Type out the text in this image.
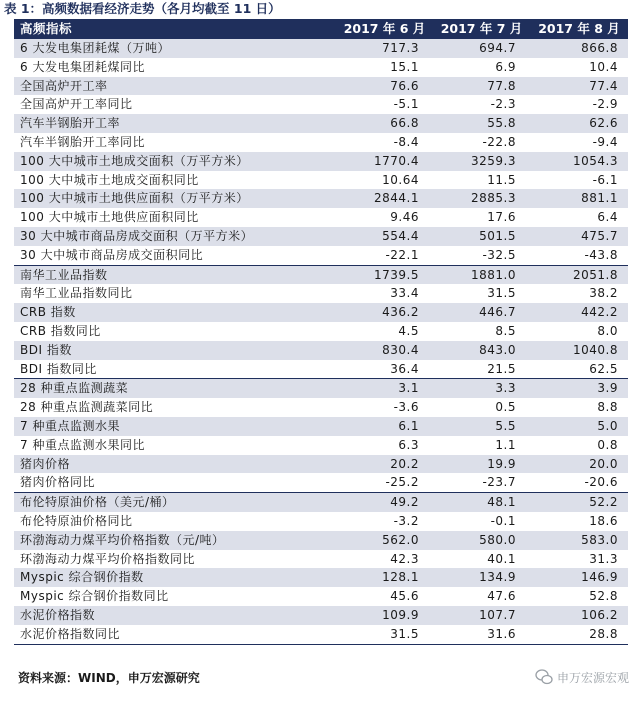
表 1：高频数据看经济走势（各月均截至 11 日）
高频指标	2017 年 6 月	2017 年 7 月	2017 年 8 月
6 大发电集团耗煤（万吨）	717.3	694.7	866.8
6 大发电集团耗煤同比	15.1	6.9	10.4
全国高炉开工率	76.6	77.8	77.4
全国高炉开工率同比	-5.1	-2.3	-2.9
汽车半钢胎开工率	66.8	55.8	62.6
汽车半钢胎开工率同比	-8.4	-22.8	-9.4
100 大中城市土地成交面积（万平方米）	1770.4	3259.3	1054.3
100 大中城市土地成交面积同比	10.64	11.5	-6.1
100 大中城市土地供应面积（万平方米）	2844.1	2885.3	881.1
100 大中城市土地供应面积同比	9.46	17.6	6.4
30 大中城市商品房成交面积（万平方米）	554.4	501.5	475.7
30 大中城市商品房成交面积同比	-22.1	-32.5	-43.8
南华工业品指数	1739.5	1881.0	2051.8
南华工业品指数同比	33.4	31.5	38.2
CRB 指数	436.2	446.7	442.2
CRB 指数同比	4.5	8.5	8.0
BDI 指数	830.4	843.0	1040.8
BDI 指数同比	36.4	21.5	62.5
28 种重点监测蔬菜	3.1	3.3	3.9
28 种重点监测蔬菜同比	-3.6	0.5	8.8
7 种重点监测水果	6.1	5.5	5.0
7 种重点监测水果同比	6.3	1.1	0.8
猪肉价格	20.2	19.9	20.0
猪肉价格同比	-25.2	-23.7	-20.6
布伦特原油价格（美元/桶）	49.2	48.1	52.2
布伦特原油价格同比	-3.2	-0.1	18.6
环渤海动力煤平均价格指数（元/吨）	562.0	580.0	583.0
环渤海动力煤平均价格指数同比	42.3	40.1	31.3
Myspic 综合钢价指数	128.1	134.9	146.9
Myspic 综合钢价指数同比	45.6	47.6	52.8
水泥价格指数	109.9	107.7	106.2
水泥价格指数同比	31.5	31.6	28.8
资料来源：WIND，申万宏源研究	申万宏源宏观
